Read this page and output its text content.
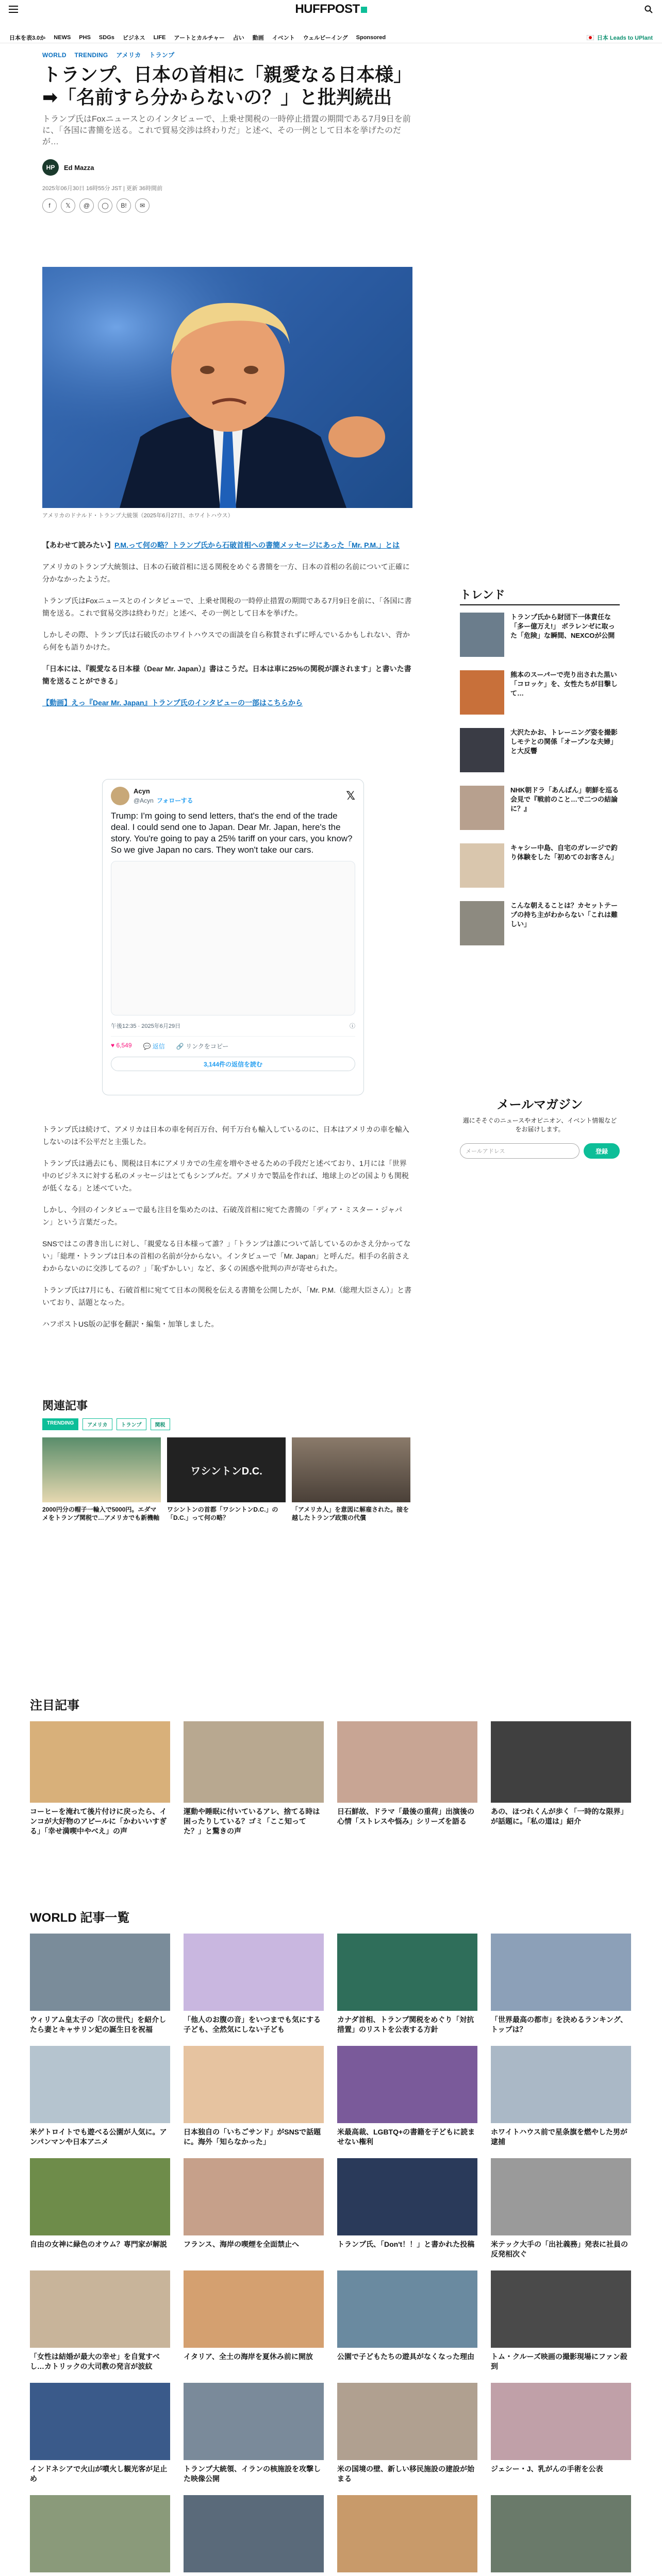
HUFFPOST
日本を表3.0か NEWS PHS SDGs ビジネス LIFE アートとカルチャー 占い 動画 イベント ウェルビーイング Sponsored	日本 Leads to UPlant
WORLD TRENDING アメリカ トランプ
トランプ、日本の首相に「親愛なる日本様」➡「名前すら分からないの？」と批判続出

トランプ氏はFoxニュースとのインタビューで、上乗せ関税の一時停止措置の期間である7月9日を前に、「各国に書簡を送る。これで貿易交渉は終わりだ」と述べ、その一例として日本を挙げたのだが…

HP	Ed Mazza
2025年06月30日 16時55分 JST | 更新 36時間前
f	𝕏	@	◯	B!	✉
アメリカのドナルド・トランプ大統領（2025年6月27日、ホワイトハウス）

【あわせて読みたい】P.M.って何の略？トランプ氏から石破首相への書簡メッセージにあった「Mr. P.M.」とは

アメリカのトランプ大統領は、日本の石破首相に送る関税をめぐる書簡を一方、日本の首相の名前について正確に分かなかったようだ。

トランプ氏はFoxニュースとのインタビューで、上乗せ関税の一時停止措置の期間である7月9日を前に、「各国に書簡を送る。これで貿易交渉は終わりだ」と述べ、その一例として日本を挙げた。

しかしその際、トランプ氏は石破氏のホワイトハウスでの面談を自ら称賛されずに呼んでいるかもしれない、背から何をも語りかけた。

「日本には、『親愛なる日本様（Dear Mr. Japan）』書はこうだ。日本は車に25%の関税が課されます」と書いた書簡を送ることができる」

【動画】えっ『Dear Mr. Japan』トランプ氏のインタビューの一部はこちらから

Acyn
@Acyn フォローする	𝕏
Trump: I'm going to send letters, that's the end of the trade deal. I could send one to Japan. Dear Mr. Japan, here's the story. You're going to pay a 25% tariff on your cars, you know? So we give Japan no cars. They won't take our cars.
午後12:35 · 2025年6月29日	ⓘ
♥ 6,549 💬 返信 🔗 リンクをコピー
3,144件の返信を読む

トランプ氏は続けて、アメリカは日本の車を何百万台、何千万台も輸入しているのに、日本はアメリカの車を輸入しないのは不公平だと主張した。

トランプ氏は過去にも、関税は日本にアメリカでの生産を増やさせるための手段だと述べており、1月には「世界中のビジネスに対する私のメッセージはとてもシンプルだ。アメリカで製品を作れば、地球上のどの国よりも関税が低くなる」と述べていた。

しかし、今回のインタビューで最も注目を集めたのは、石破茂首相に宛てた書簡の「ディア・ミスター・ジャパン」という言葉だった。

SNSではこの書き出しに対し、「親愛なる日本様って誰？」「トランプは誰について話しているのかさえ分かってない」「総理・トランプは日本の首相の名前が分からない。インタビューで「Mr. Japan」と呼んだ。相手の名前さえわからないのに交渉してるの？」「恥ずかしい」など、多くの困惑や批判の声が寄せられた。

トランプ氏は7月にも、石破首相に宛てて日本の関税を伝える書簡を公開したが、「Mr. P.M.（総理大臣さん）」と書いており、話題となった。

ハフポストUS版の記事を翻訳・編集・加筆しました。

関連記事
TRENDING	アメリカ	トランプ	関税
2000円分の帽子一輪入で5000円。エダマメをトランプ関税で…アメリカでも新機軸
ワシントンD.C.
ワシントンの首都「ワシントンD.C.」の「D.C.」って何の略？
「アメリカ人」を意図に解雇された。接を越したトランプ政策の代償
トレンド
トランプ氏から財団下一体責任な「多ー億万え!」 ボラレンゼに取った「危険」な瞬間、NEXCOが公開
熊本のスーパーで売り出された黒い「コロッケ」を、女性たちが目撃して…
大沢たかお、トレーニング姿を撮影しモテとの関係「オープンな夫婦」と大反響
NHK朝ドラ「あんぱん」朝鮮を巡る会見で『戦前のこと…で二つの結論に？』
キャシー中島、自宅のガレージで釣り体験をした「初めてのお客さん」
こんな朝えることは？カセットテープの持ち主がわからない「これは難しい」
メールマガジン

週にそそぐのニュースやオピニオン、イベント情報などをお届けします。

メールアドレス	登録
注目記事
コーヒーを淹れて後片付けに戻ったら、インコが大好物のアピールに「かわいいすぎる」「幸せ満喫中やべえ」の声
運動や睡眠に付いているアレ、捨てる時は困ったりしている？ゴミ「ここ知ってた？」と驚きの声
日石鮮故、ドラマ「最後の重荷」出演後の心情「ストレスや悩み」シリーズを語る
あの、ほつれくんが歩く「一時的な限界」が話題に。「私の道は」紹介
WORLD 記事一覧
ウィリアム皇太子の「次の世代」を紹介したら妻とキャサリン妃の誕生日を祝福
「他人のお腹の音」をいつまでも気にする子ども、全然気にしない子ども
カナダ首相、トランプ関税をめぐり「対抗措置」のリストを公表する方針
「世界最高の都市」を決めるランキング、トップは？
米ゲトロイトでも遊べる公園が人気に。アンパンマンや日本アニメ
日本独自の「いちごサンド」がSNSで話題に。海外「知らなかった」
米最高裁、LGBTQ+の書籍を子どもに読ませない権利
ホワイトハウス前で星条旗を燃やした男が逮捕
自由の女神に緑色のオウム？専門家が解説	フランス、海岸の喫煙を全面禁止へ	トランプ氏、「Don't！！」と書かれた投稿	米テック大手の「出社義務」発表に社員の反発相次ぐ
「女性は結婚が最大の幸せ」を自覚すべし…カトリックの大司教の発言が波紋
イタリア、全土の海岸を夏休み前に開放	公園で子どもたちの遊具がなくなった理由	トム・クルーズ映画の撮影現場にファン殺到
インドネシアで火山が噴火し観光客が足止め
トランプ大統領、イランの核施設を攻撃した映像公開
米の国境の壁、新しい移民施設の建設が始まる
ジェシー・J、乳がんの手術を公表
